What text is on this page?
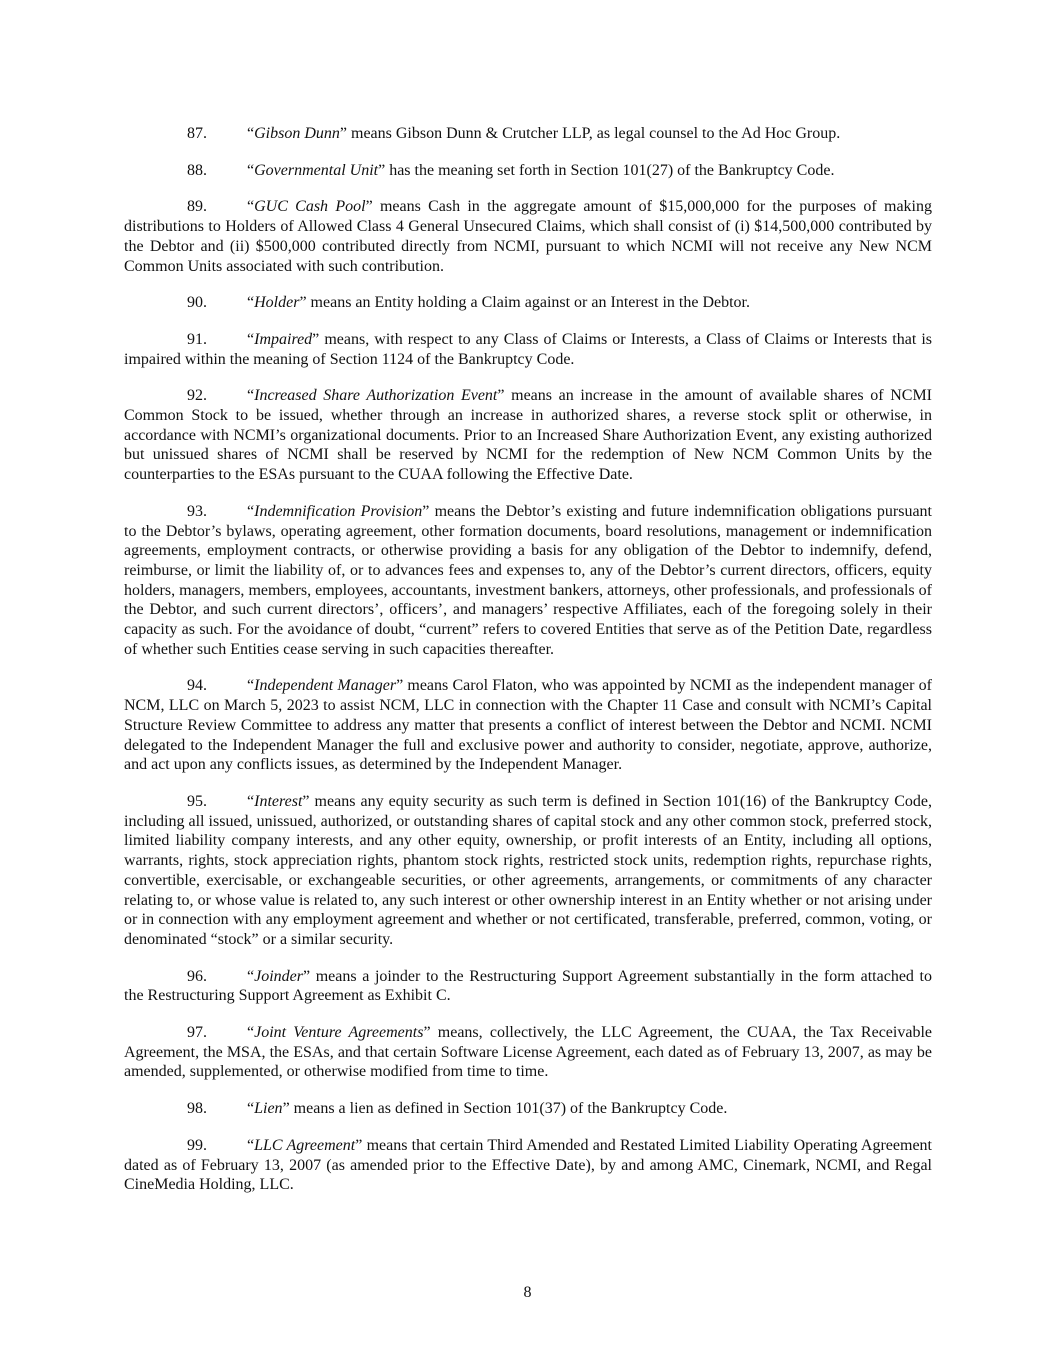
87.	“Gibson Dunn” means Gibson Dunn & Crutcher LLP, as legal counsel to the Ad Hoc Group.

88.	“Governmental Unit” has the meaning set forth in Section 101(27) of the Bankruptcy Code.

89.	“GUC Cash Pool” means Cash in the aggregate amount of $15,000,000 for the purposes of making distributions to Holders of Allowed Class 4 General Unsecured Claims, which shall consist of (i) $14,500,000 contributed by the Debtor and (ii) $500,000 contributed directly from NCMI, pursuant to which NCMI will not receive any New NCM Common Units associated with such contribution.

90.	“Holder” means an Entity holding a Claim against or an Interest in the Debtor.

91.	“Impaired” means, with respect to any Class of Claims or Interests, a Class of Claims or Interests that is impaired within the meaning of Section 1124 of the Bankruptcy Code.

92.	“Increased Share Authorization Event” means an increase in the amount of available shares of NCMI Common Stock to be issued, whether through an increase in authorized shares, a reverse stock split or otherwise, in accordance with NCMI’s organizational documents. Prior to an Increased Share Authorization Event, any existing authorized but unissued shares of NCMI shall be reserved by NCMI for the redemption of New NCM Common Units by the counterparties to the ESAs pursuant to the CUAA following the Effective Date.

93.	“Indemnification Provision” means the Debtor’s existing and future indemnification obligations pursuant to the Debtor’s bylaws, operating agreement, other formation documents, board resolutions, management or indemnification agreements, employment contracts, or otherwise providing a basis for any obligation of the Debtor to indemnify, defend, reimburse, or limit the liability of, or to advances fees and expenses to, any of the Debtor’s current directors, officers, equity holders, managers, members, employees, accountants, investment bankers, attorneys, other professionals, and professionals of the Debtor, and such current directors’, officers’, and managers’ respective Affiliates, each of the foregoing solely in their capacity as such. For the avoidance of doubt, “current” refers to covered Entities that serve as of the Petition Date, regardless of whether such Entities cease serving in such capacities thereafter.

94.	“Independent Manager” means Carol Flaton, who was appointed by NCMI as the independent manager of NCM, LLC on March 5, 2023 to assist NCM, LLC in connection with the Chapter 11 Case and consult with NCMI’s Capital Structure Review Committee to address any matter that presents a conflict of interest between the Debtor and NCMI. NCMI delegated to the Independent Manager the full and exclusive power and authority to consider, negotiate, approve, authorize, and act upon any conflicts issues, as determined by the Independent Manager.

95.	“Interest” means any equity security as such term is defined in Section 101(16) of the Bankruptcy Code, including all issued, unissued, authorized, or outstanding shares of capital stock and any other common stock, preferred stock, limited liability company interests, and any other equity, ownership, or profit interests of an Entity, including all options, warrants, rights, stock appreciation rights, phantom stock rights, restricted stock units, redemption rights, repurchase rights, convertible, exercisable, or exchangeable securities, or other agreements, arrangements, or commitments of any character relating to, or whose value is related to, any such interest or other ownership interest in an Entity whether or not arising under or in connection with any employment agreement and whether or not certificated, transferable, preferred, common, voting, or denominated “stock” or a similar security.

96.	“Joinder” means a joinder to the Restructuring Support Agreement substantially in the form attached to the Restructuring Support Agreement as Exhibit C.

97.	“Joint Venture Agreements” means, collectively, the LLC Agreement, the CUAA, the Tax Receivable Agreement, the MSA, the ESAs, and that certain Software License Agreement, each dated as of February 13, 2007, as may be amended, supplemented, or otherwise modified from time to time.

98.	“Lien” means a lien as defined in Section 101(37) of the Bankruptcy Code.

99.	“LLC Agreement” means that certain Third Amended and Restated Limited Liability Operating Agreement dated as of February 13, 2007 (as amended prior to the Effective Date), by and among AMC, Cinemark, NCMI, and Regal CineMedia Holding, LLC.

8
